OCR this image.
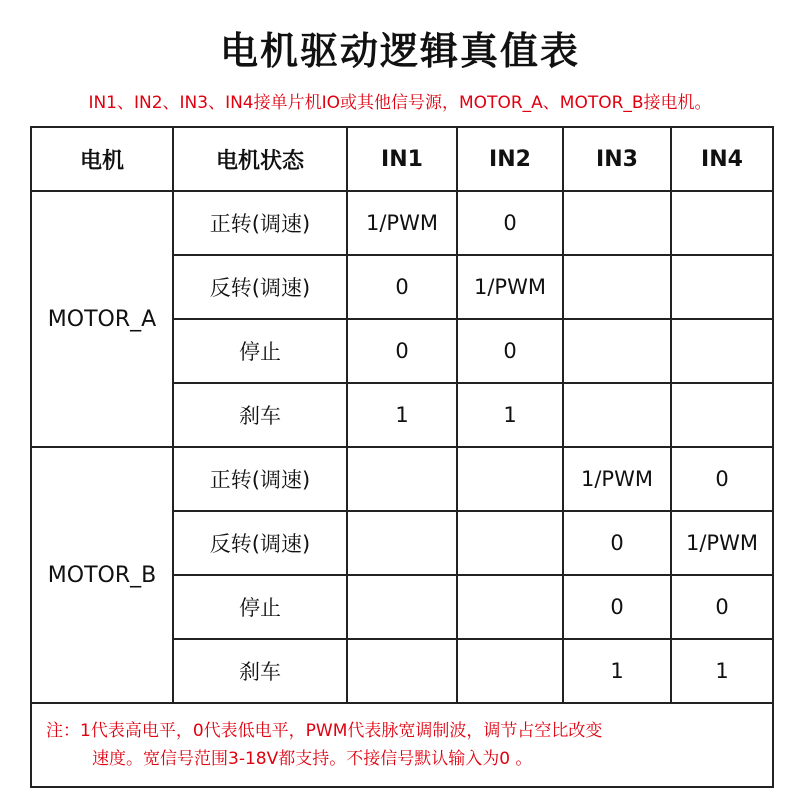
电机驱动逻辑真值表
IN1、IN2、IN3、IN4接单片机IO或其他信号源，MOTOR_A、MOTOR_B接电机。
电机	电机状态	IN1	IN2	IN3	IN4
MOTOR_A	正转(调速)	1/PWM	0		
	反转(调速)	0	1/PWM		
	停止	0	0		
	刹车	1	1		
MOTOR_B	正转(调速)			1/PWM	0
	反转(调速)			0	1/PWM
	停止			0	0
	刹车			1	1
注：1代表高电平，0代表低电平，PWM代表脉宽调制波，调节占空比改变
速度。宽信号范围3-18V都支持。不接信号默认输入为0 。					
